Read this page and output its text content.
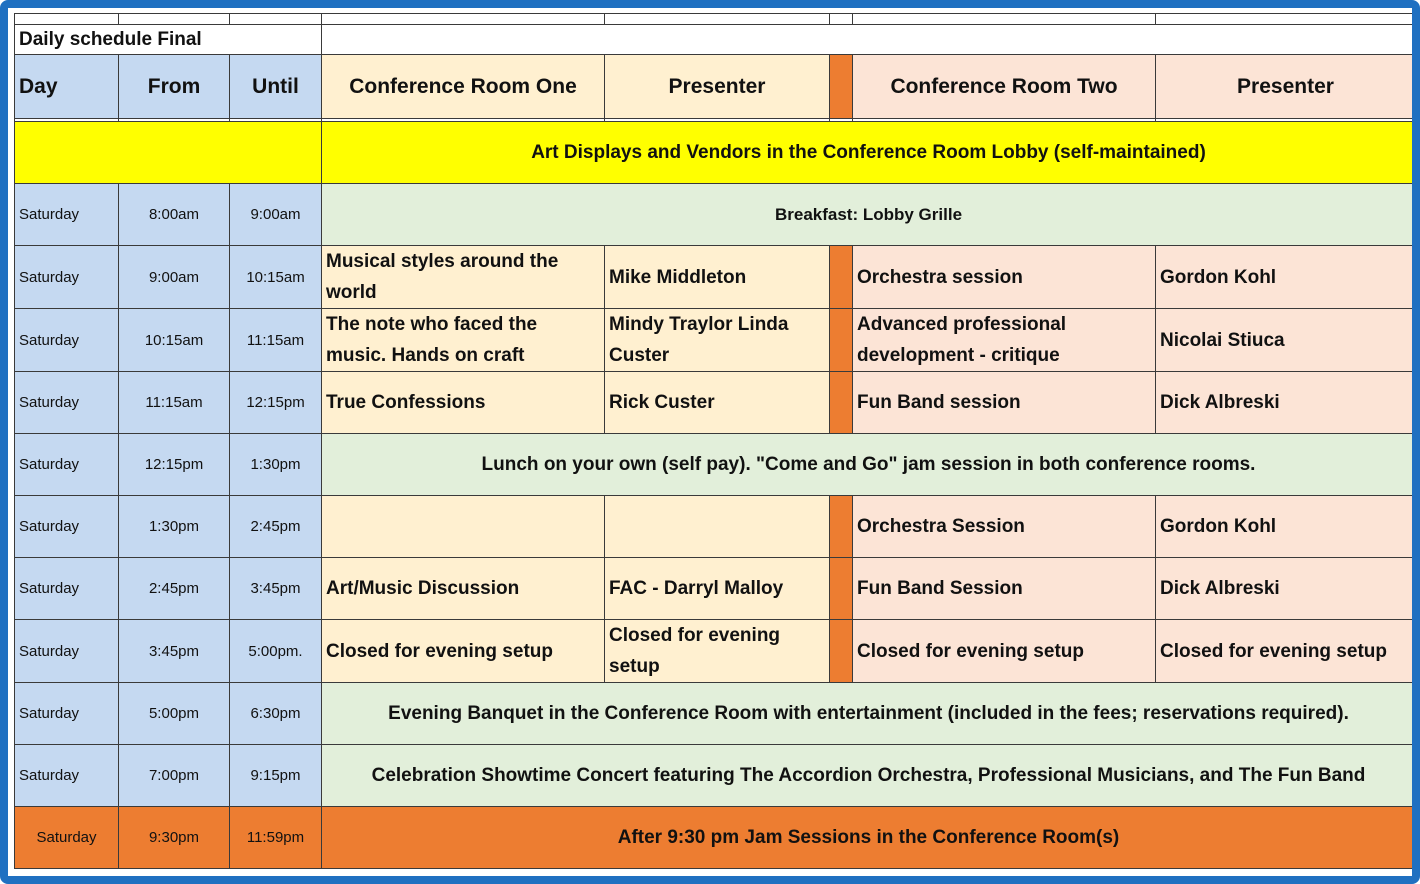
Daily schedule Final							
Day	From	Until	Conference Room One	Presenter		Conference Room Two	Presenter

			Art Displays and Vendors in the Conference Room Lobby (self-maintained)				
Saturday	8:00am	9:00am	Breakfast: Lobby Grille				
Saturday	9:00am	10:15am	Musical styles around the world	Mike Middleton		Orchestra session	Gordon Kohl
Saturday	10:15am	11:15am	The note who faced the music. Hands on craft	Mindy Traylor Linda Custer		Advanced professional development - critique	Nicolai Stiuca
Saturday	11:15am	12:15pm	True Confessions	Rick Custer		Fun Band session	Dick Albreski
Saturday	12:15pm	1:30pm	Lunch on your own (self pay). "Come and Go" jam session in both conference rooms.				
Saturday	1:30pm	2:45pm				Orchestra Session	Gordon Kohl
Saturday	2:45pm	3:45pm	Art/Music Discussion	FAC - Darryl Malloy		Fun Band Session	Dick Albreski
Saturday	3:45pm	5:00pm.	Closed for evening setup	Closed for evening setup		Closed for evening setup	Closed for evening setup
Saturday	5:00pm	6:30pm	Evening Banquet in the Conference Room with entertainment (included in the fees; reservations required).				
Saturday	7:00pm	9:15pm	Celebration Showtime Concert featuring The Accordion Orchestra, Professional Musicians, and The Fun Band				
Saturday	9:30pm	11:59pm	After 9:30 pm Jam Sessions in the Conference Room(s)				
